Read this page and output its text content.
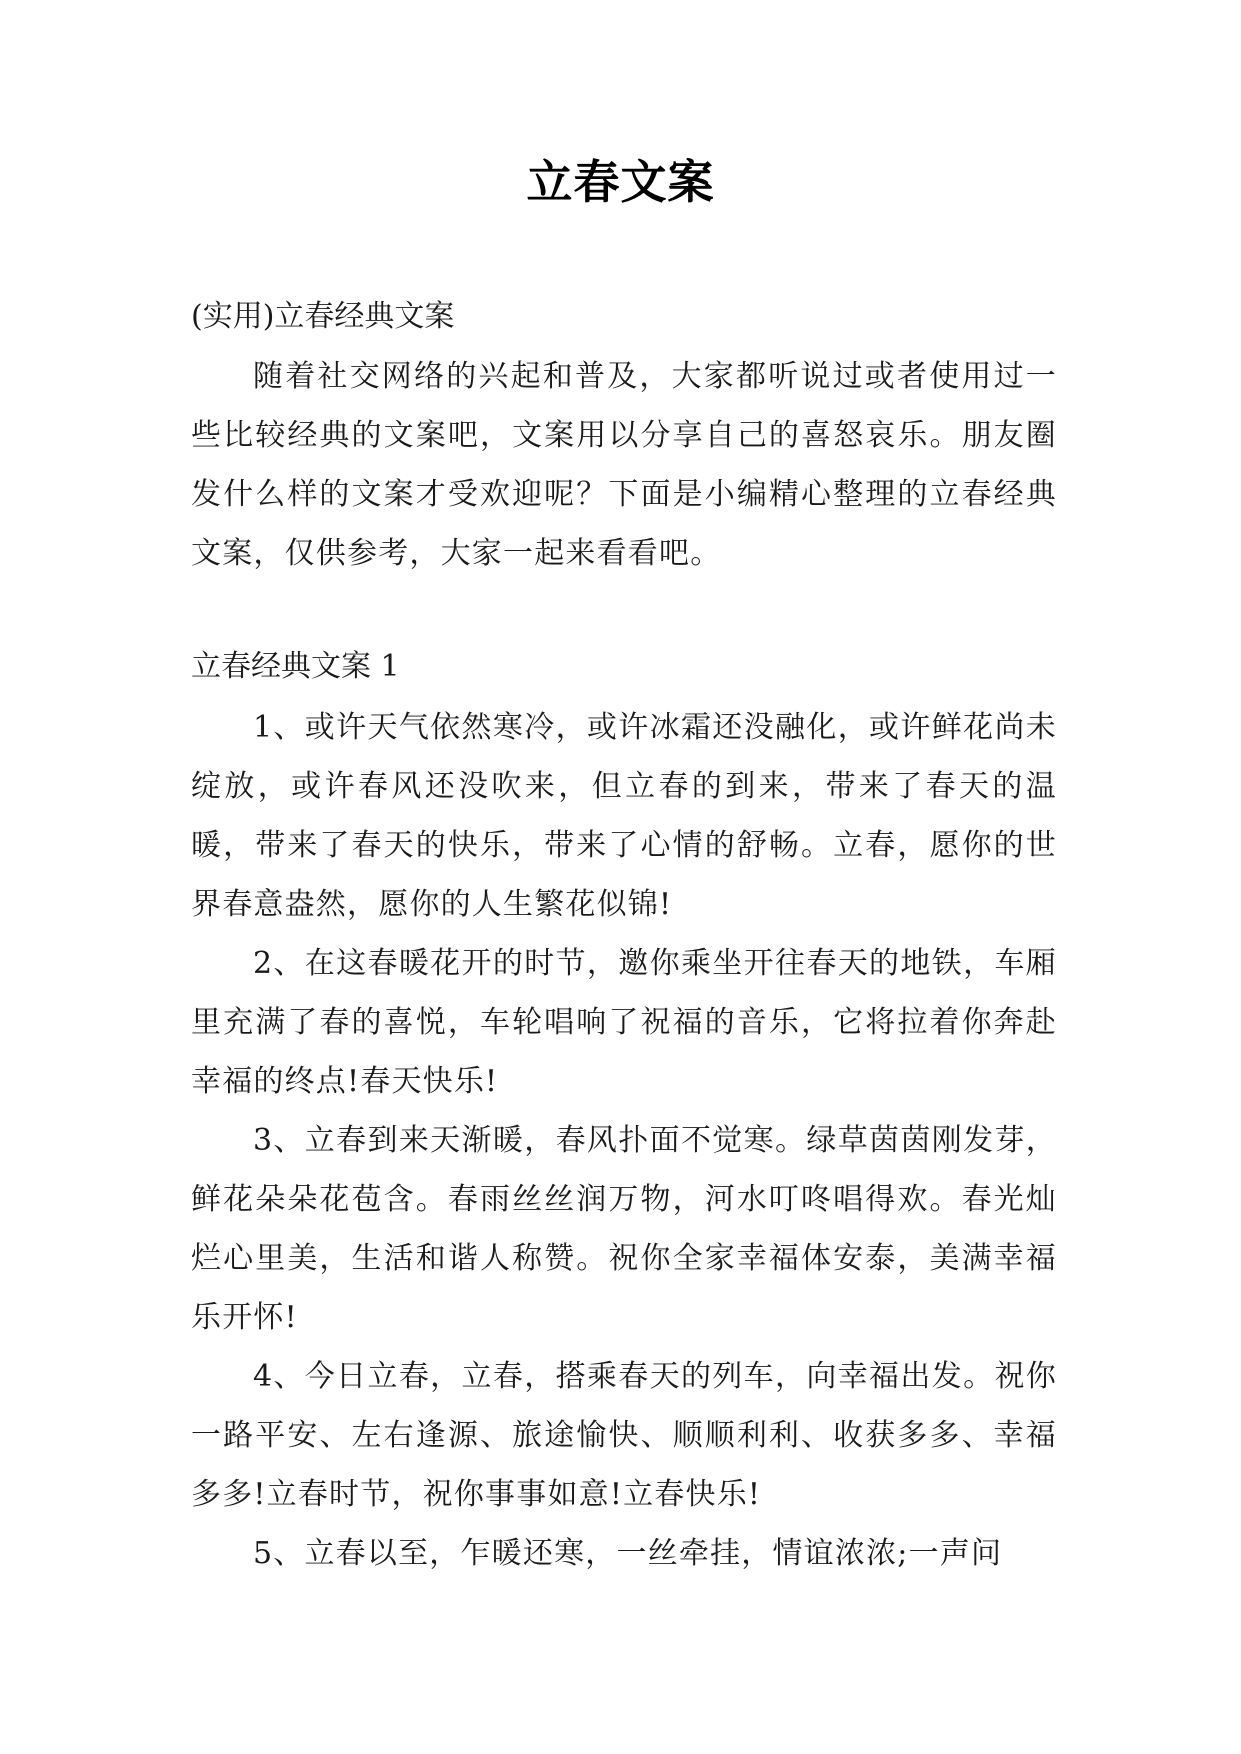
立春文案
(实用)立春经典文案

随着社交网络的兴起和普及，大家都听说过或者使用过一些比较经典的文案吧，文案用以分享自己的喜怒哀乐。朋友圈发什么样的文案才受欢迎呢？下面是小编精心整理的立春经典文案，仅供参考，大家一起来看看吧。

立春经典文案 1

1、或许天气依然寒冷，或许冰霜还没融化，或许鲜花尚未绽放，或许春风还没吹来，但立春的到来，带来了春天的温暖，带来了春天的快乐，带来了心情的舒畅。立春，愿你的世界春意盎然，愿你的人生繁花似锦!

2、在这春暖花开的时节，邀你乘坐开往春天的地铁，车厢里充满了春的喜悦，车轮唱响了祝福的音乐，它将拉着你奔赴幸福的终点!春天快乐!

3、立春到来天渐暖，春风扑面不觉寒。绿草茵茵刚发芽，鲜花朵朵花苞含。春雨丝丝润万物，河水叮咚唱得欢。春光灿烂心里美，生活和谐人称赞。祝你全家幸福体安泰，美满幸福乐开怀!

4、今日立春，立春，搭乘春天的列车，向幸福出发。祝你一路平安、左右逢源、旅途愉快、顺顺利利、收获多多、幸福多多!立春时节，祝你事事如意!立春快乐!

5、立春以至，乍暖还寒，一丝牵挂，情谊浓浓;一声问
